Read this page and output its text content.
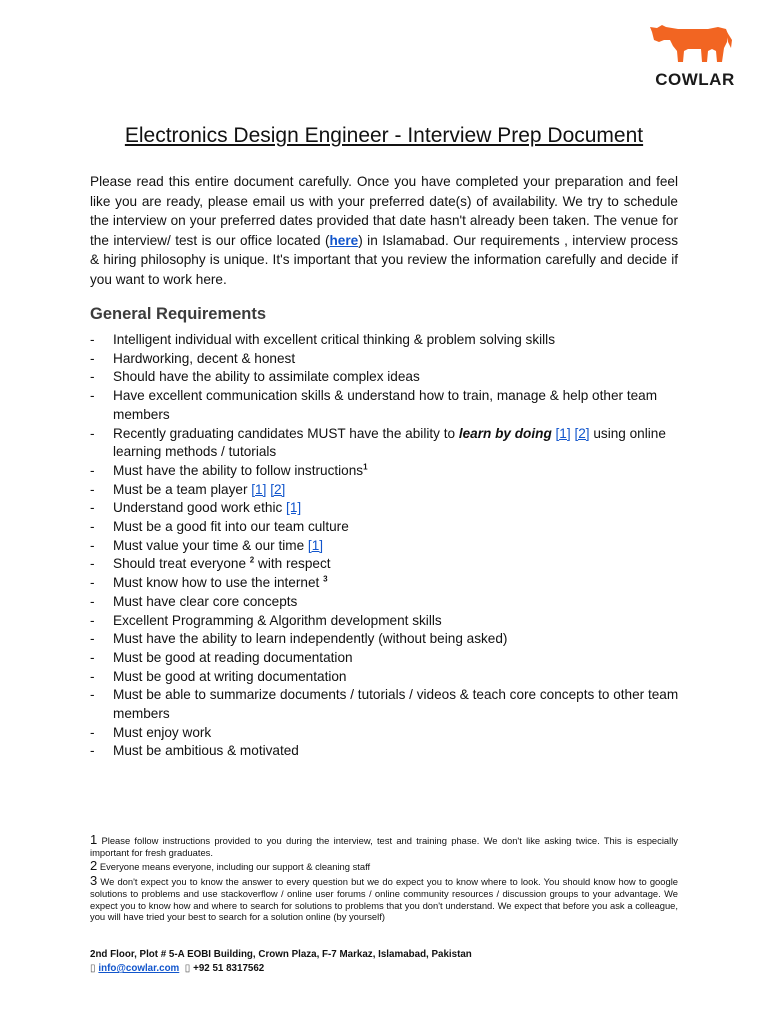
COWLAR
Electronics Design Engineer - Interview Prep Document
Please read this entire document carefully. Once you have completed your preparation and feel like you are ready, please email us with your preferred date(s) of availability. We try to schedule the interview on your preferred dates provided that date hasn't already been taken. The venue for the interview/ test is our office located (here) in Islamabad. Our requirements , interview process & hiring philosophy is unique. It's important that you review the information carefully and decide if you want to work here.
General Requirements
- Intelligent individual with excellent critical thinking & problem solving skills
- Hardworking, decent & honest
- Should have the ability to assimilate complex ideas
- Have excellent communication skills & understand how to train, manage & help other team members
- Recently graduating candidates MUST have the ability to learn by doing [1] [2] using online learning methods / tutorials
- Must have the ability to follow instructions$^1$
- Must be a team player [1] [2]
- Understand good work ethic [1]
- Must be a good fit into our team culture
- Must value your time & our time [1]
- Should treat everyone $^2$ with respect
- Must know how to use the internet $^3$
- Must have clear core concepts
- Excellent Programming & Algorithm development skills
- Must have the ability to learn independently (without being asked)
- Must be good at reading documentation
- Must be good at writing documentation
- Must be able to summarize documents / tutorials / videos & teach core concepts to other team members
- Must enjoy work
- Must be ambitious & motivated
1 Please follow instructions provided to you during the interview, test and training phase. We don't like asking twice. This is especially important for fresh graduates.
2 Everyone means everyone, including our support & cleaning staff
3 We don't expect you to know the answer to every question but we do expect you to know where to look. You should know how to google solutions to problems and use stackoverflow / online user forums / online community resources / discussion groups to your advantage. We expect you to know how and where to search for solutions to problems that you don't understand. We expect that before you ask a colleague, you will have tried your best to search for a solution online (by yourself)
2nd Floor, Plot # 5-A EOBI Building, Crown Plaza, F-7 Markaz, Islamabad, Pakistan
▯ info@cowlar.com ▯ +92 51 8317562
